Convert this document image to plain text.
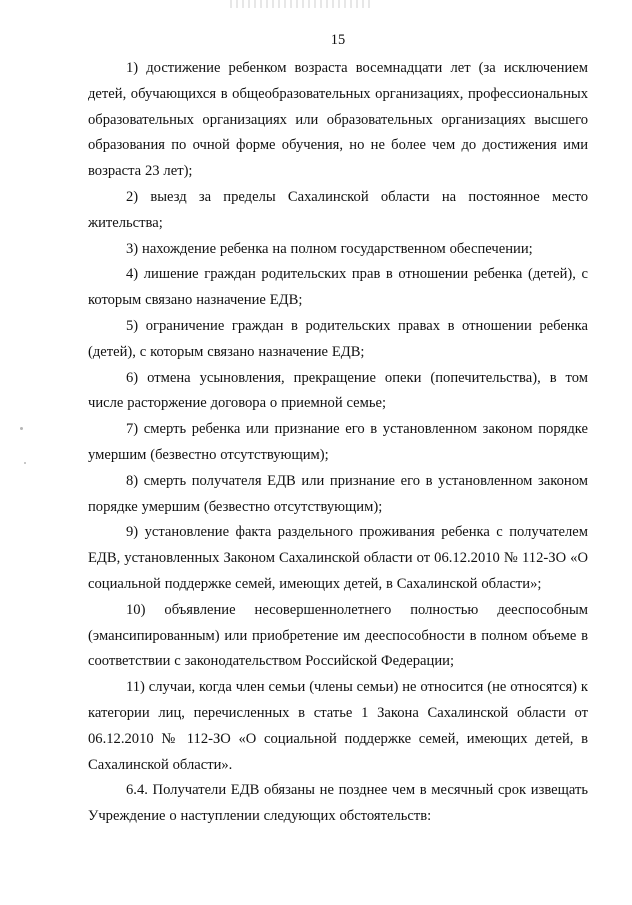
15

1) достижение ребенком возраста восемнадцати лет (за исключением детей, обучающихся в общеобразовательных организациях, профессиональных образовательных организациях или образовательных организациях высшего образования по очной форме обучения, но не более чем до достижения ими возраста 23 лет);

2) выезд за пределы Сахалинской области на постоянное место жительства;

3) нахождение ребенка на полном государственном обеспечении;

4) лишение граждан родительских прав в отношении ребенка (детей), с которым связано назначение ЕДВ;

5) ограничение граждан в родительских правах в отношении ребенка (детей), с которым связано назначение ЕДВ;

6) отмена усыновления, прекращение опеки (попечительства), в том числе расторжение договора о приемной семье;

7) смерть ребенка или признание его в установленном законом порядке умершим (безвестно отсутствующим);

8) смерть получателя ЕДВ или признание его в установленном законом порядке умершим (безвестно отсутствующим);

9) установление факта раздельного проживания ребенка с получателем ЕДВ, установленных Законом Сахалинской области от 06.12.2010 № 112-ЗО «О социальной поддержке семей, имеющих детей, в Сахалинской области»;

10) объявление несовершеннолетнего полностью дееспособным (эмансипированным) или приобретение им дееспособности в полном объеме в соответствии с законодательством Российской Федерации;

11) случаи, когда член семьи (члены семьи) не относится (не относятся) к категории лиц, перечисленных в статье 1 Закона Сахалинской области от 06.12.2010 № 112-ЗО «О социальной поддержке семей, имеющих детей, в Сахалинской области».

6.4. Получатели ЕДВ обязаны не позднее чем в месячный срок извещать Учреждение о наступлении следующих обстоятельств:
